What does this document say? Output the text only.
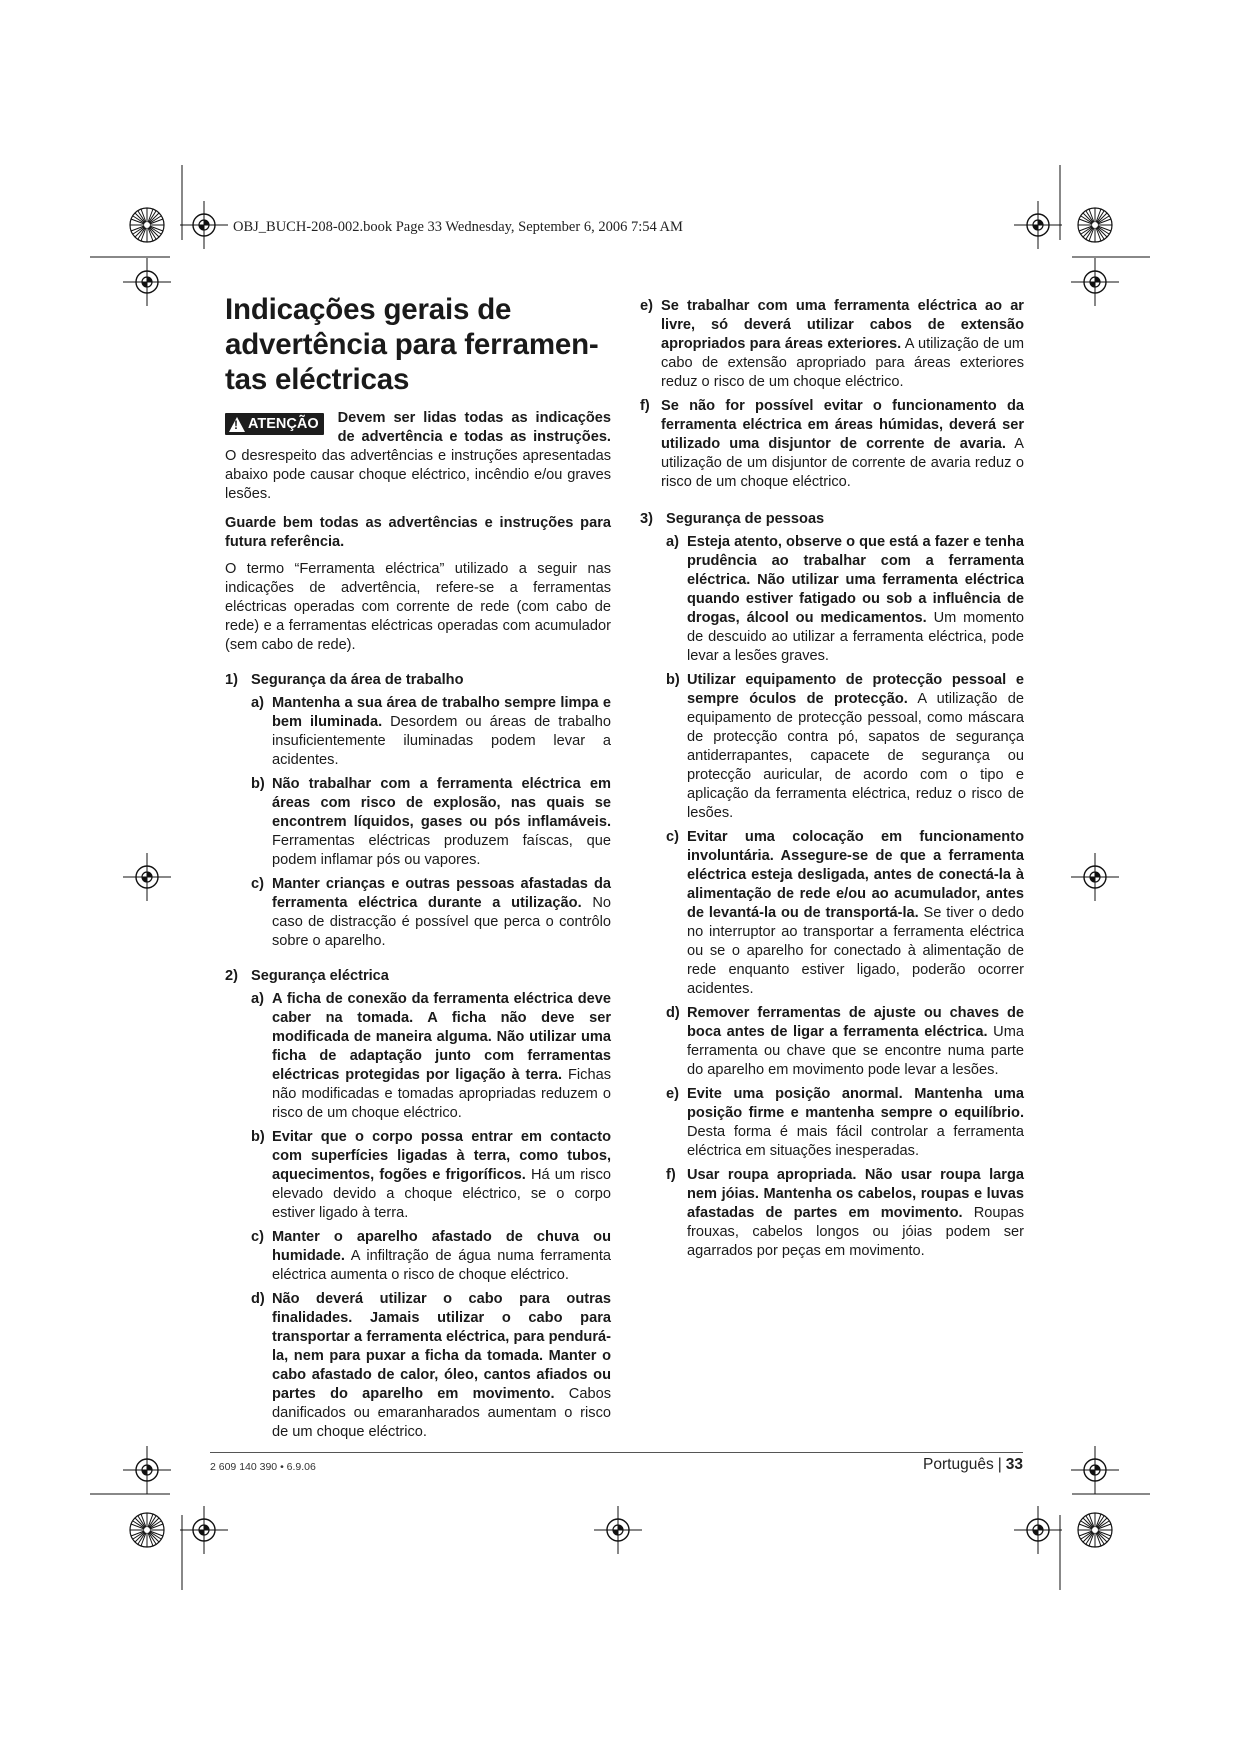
OBJ_BUCH-208-002.book Page 33 Wednesday, September 6, 2006 7:54 AM
Indicações gerais de advertência para ferramen-tas eléctricas
!
ATENÇÃO Devem ser lidas todas as indicações de advertência e todas as instruções. O desrespeito das advertências e instruções apresentadas abaixo pode causar choque eléctrico, incêndio e/ou graves lesões.

Guarde bem todas as advertências e instruções para futura referência.

O termo “Ferramenta eléctrica” utilizado a seguir nas indicações de advertência, refere-se a ferramentas eléctricas operadas com corrente de rede (com cabo de rede) e a ferramentas eléctricas operadas com acumulador (sem cabo de rede).

1) Segurança da área de trabalho
a) Mantenha a sua área de trabalho sempre limpa e bem iluminada. Desordem ou áreas de trabalho insuficientemente iluminadas podem levar a acidentes.
b) Não trabalhar com a ferramenta eléctrica em áreas com risco de explosão, nas quais se encontrem líquidos, gases ou pós inflamáveis. Ferramentas eléctricas produzem faíscas, que podem inflamar pós ou vapores.
c) Manter crianças e outras pessoas afastadas da ferramenta eléctrica durante a utilização. No caso de distracção é possível que perca o contrôlo sobre o aparelho.
2) Segurança eléctrica
a) A ficha de conexão da ferramenta eléctrica deve caber na tomada. A ficha não deve ser modificada de maneira alguma. Não utilizar uma ficha de adaptação junto com ferramentas eléctricas protegidas por ligação à terra. Fichas não modificadas e tomadas apropriadas reduzem o risco de um choque eléctrico.
b) Evitar que o corpo possa entrar em contacto com superfícies ligadas à terra, como tubos, aquecimentos, fogões e frigoríficos. Há um risco elevado devido a choque eléctrico, se o corpo estiver ligado à terra.
c) Manter o aparelho afastado de chuva ou humidade. A infiltração de água numa ferramenta eléctrica aumenta o risco de choque eléctrico.
d) Não deverá utilizar o cabo para outras finalidades. Jamais utilizar o cabo para transportar a ferramenta eléctrica, para pendurá-la, nem para puxar a ficha da tomada. Manter o cabo afastado de calor, óleo, cantos afiados ou partes do aparelho em movimento. Cabos danificados ou emaranharados aumentam o risco de um choque eléctrico.
e) Se trabalhar com uma ferramenta eléctrica ao ar livre, só deverá utilizar cabos de extensão apropriados para áreas exteriores. A utilização de um cabo de extensão apropriado para áreas exteriores reduz o risco de um choque eléctrico.
f) Se não for possível evitar o funcionamento da ferramenta eléctrica em áreas húmidas, deverá ser utilizado uma disjuntor de corrente de avaria. A utilização de um disjuntor de corrente de avaria reduz o risco de um choque eléctrico.
3) Segurança de pessoas
a) Esteja atento, observe o que está a fazer e tenha prudência ao trabalhar com a ferramenta eléctrica. Não utilizar uma ferramenta eléctrica quando estiver fatigado ou sob a influência de drogas, álcool ou medicamentos. Um momento de descuido ao utilizar a ferramenta eléctrica, pode levar a lesões graves.
b) Utilizar equipamento de protecção pessoal e sempre óculos de protecção. A utilização de equipamento de protecção pessoal, como máscara de protecção contra pó, sapatos de segurança antiderrapantes, capacete de segurança ou protecção auricular, de acordo com o tipo e aplicação da ferramenta eléctrica, reduz o risco de lesões.
c) Evitar uma colocação em funcionamento involuntária. Assegure-se de que a ferramenta eléctrica esteja desligada, antes de conectá-la à alimentação de rede e/ou ao acumulador, antes de levantá-la ou de transportá-la. Se tiver o dedo no interruptor ao transportar a ferramenta eléctrica ou se o aparelho for conectado à alimentação de rede enquanto estiver ligado, poderão ocorrer acidentes.
d) Remover ferramentas de ajuste ou chaves de boca antes de ligar a ferramenta eléctrica. Uma ferramenta ou chave que se encontre numa parte do aparelho em movimento pode levar a lesões.
e) Evite uma posição anormal. Mantenha uma posição firme e mantenha sempre o equilíbrio. Desta forma é mais fácil controlar a ferramenta eléctrica em situações inesperadas.
f) Usar roupa apropriada. Não usar roupa larga nem jóias. Mantenha os cabelos, roupas e luvas afastadas de partes em movimento. Roupas frouxas, cabelos longos ou jóias podem ser agarrados por peças em movimento.
2 609 140 390 • 6.9.06	Português | 33
